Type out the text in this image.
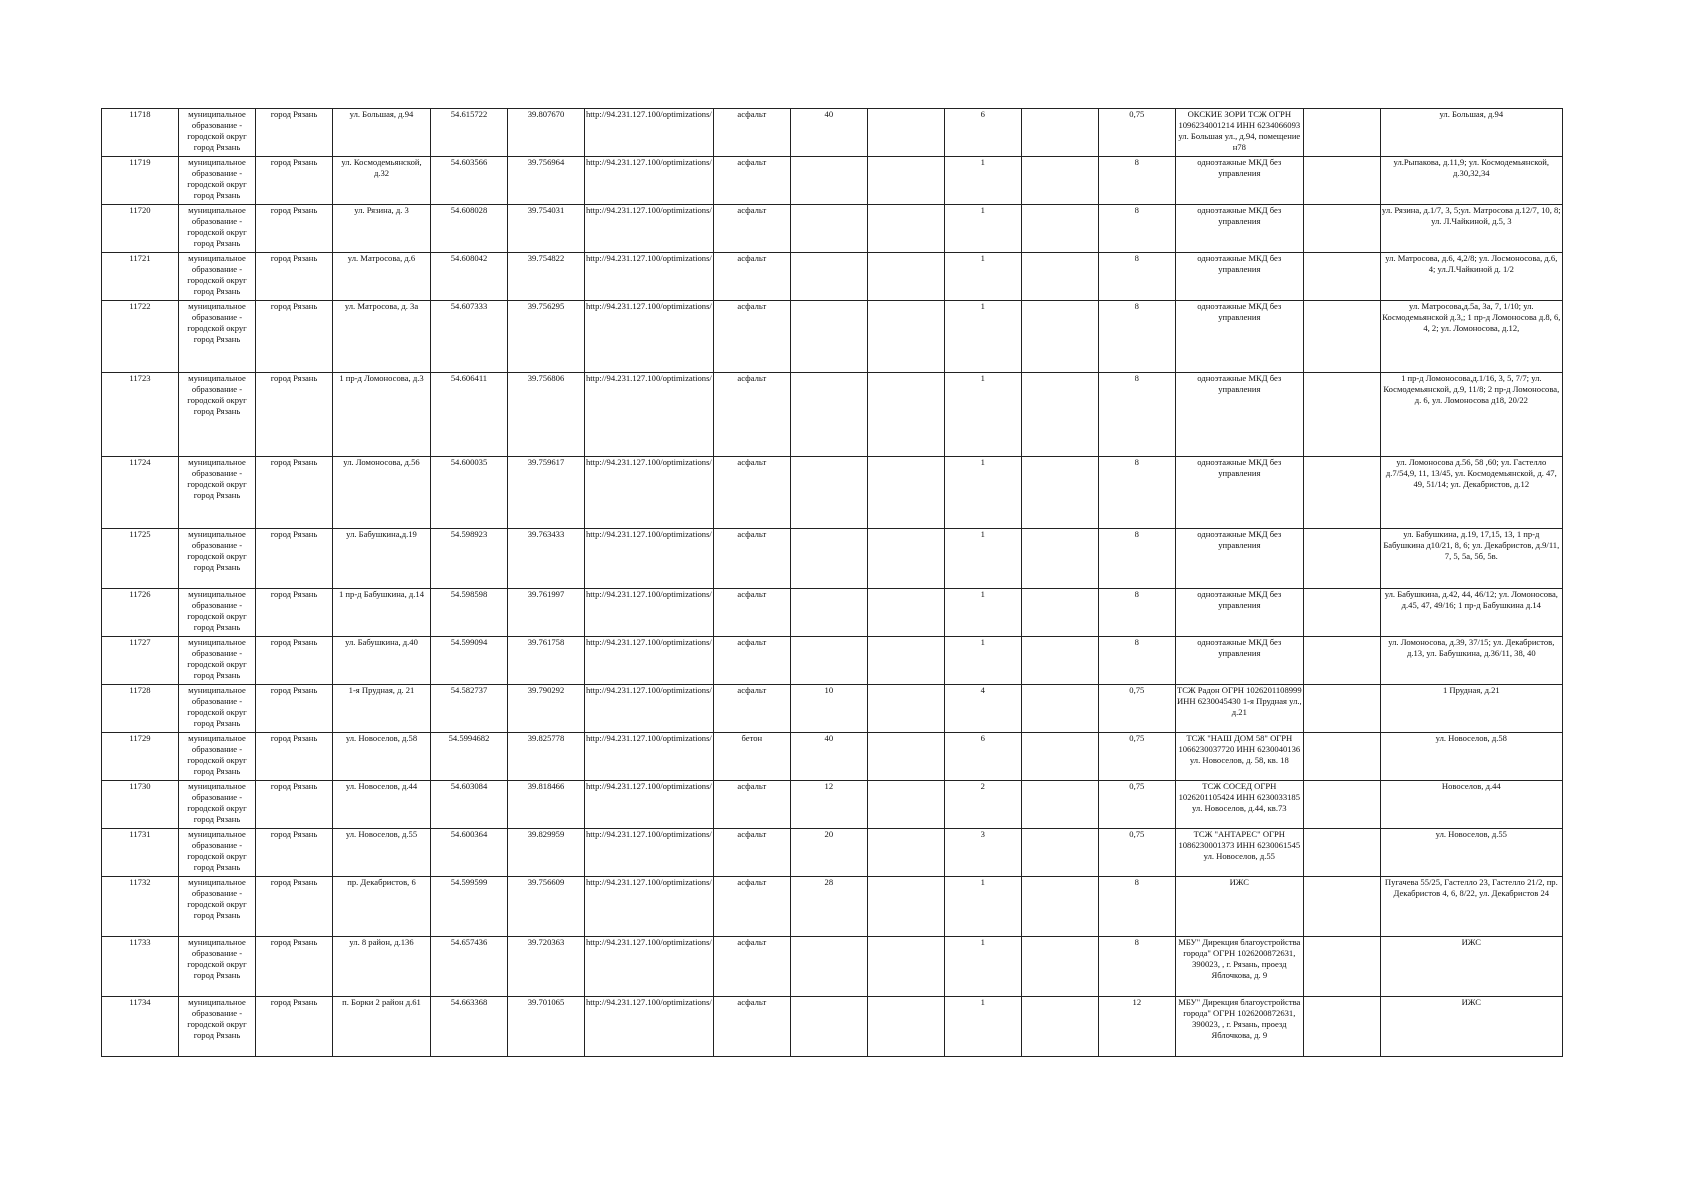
11718	муниципальное образование - городской округ город Рязань	город Рязань	ул. Большая, д.94	54.615722	39.807670	http://94.231.127.100/optimizations/	асфальт	40		6		0,75	ОКСКИЕ ЗОРИ ТСЖ ОГРН 1096234001214 ИНН 6234066093 ул. Большая ул., д.94, помещение н78		ул. Большая, д.94
11719	муниципальное образование - городской округ город Рязань	город Рязань	ул. Космодемьянской, д.32	54.603566	39.756964	http://94.231.127.100/optimizations/	асфальт			1		8	одноэтажные МКД без управления		ул.Рыпакова, д.11,9; ул. Космодемьянской, д.30,32,34
11720	муниципальное образование - городской округ город Рязань	город Рязань	ул. Рязина, д. 3	54.608028	39.754031	http://94.231.127.100/optimizations/	асфальт			1		8	одноэтажные МКД без управления		ул. Рязина, д.1/7, 3, 5;ул. Матросова д.12/7, 10, 8; ул. Л.Чайкиной, д.5, 3
11721	муниципальное образование - городской округ город Рязань	город Рязань	ул. Матросова, д.6	54.608042	39.754822	http://94.231.127.100/optimizations/	асфальт			1		8	одноэтажные МКД без управления		ул. Матросова, д.6, 4,2/8; ул. Лосмоносова, д.6, 4; ул.Л.Чайкиной д. 1/2
11722	муниципальное образование - городской округ город Рязань	город Рязань	ул. Матросова, д. 3а	54.607333	39.756295	http://94.231.127.100/optimizations/	асфальт			1		8	одноэтажные МКД без управления		ул. Матросова,д.5а, 3а, 7, 1/10; ул. Космодемьянской д.3,; 1 пр-д Ломоносова д.8, 6, 4, 2; ул. Ломоносова, д.12,
11723	муниципальное образование - городской округ город Рязань	город Рязань	1 пр-д Ломоносова, д.3	54.606411	39.756806	http://94.231.127.100/optimizations/	асфальт			1		8	одноэтажные МКД без управления		1 пр-д Ломоносова,д.1/16, 3, 5, 7/7; ул. Космодемьянской, д.9, 11/8; 2 пр-д Ломоносова, д. 6, ул. Ломоносова д18, 20/22
11724	муниципальное образование - городской округ город Рязань	город Рязань	ул. Ломоносова, д.56	54.600035	39.759617	http://94.231.127.100/optimizations/	асфальт			1		8	одноэтажные МКД без управления		ул. Ломоносова д.56, 58 ,60; ул. Гастелло д.7/54,9, 11, 13/45, ул. Космодемьянской, д. 47, 49, 51/14; ул. Декабристов, д.12
11725	муниципальное образование - городской округ город Рязань	город Рязань	ул. Бабушкина,д.19	54.598923	39.763433	http://94.231.127.100/optimizations/	асфальт			1		8	одноэтажные МКД без управления		ул. Бабушкина, д.19, 17,15, 13, 1 пр-д Бабушкина д10/21, 8, 6; ул. Декабристов, д.9/11, 7, 5, 5а, 5б, 5в.
11726	муниципальное образование - городской округ город Рязань	город Рязань	1 пр-д Бабушкина, д.14	54.598598	39.761997	http://94.231.127.100/optimizations/	асфальт			1		8	одноэтажные МКД без управления		ул. Бабушкина, д.42, 44, 46/12; ул. Ломоносова, д.45, 47, 49/16; 1 пр-д Бабушкина д.14
11727	муниципальное образование - городской округ город Рязань	город Рязань	ул. Бабушкина, д.40	54.599094	39.761758	http://94.231.127.100/optimizations/	асфальт			1		8	одноэтажные МКД без управления		ул. Ломоносова, д.39, 37/15; ул. Декабристов, д.13, ул. Бабушкина, д.36/11, 38, 40
11728	муниципальное образование - городской округ город Рязань	город Рязань	1-я Прудная, д. 21	54.582737	39.790292	http://94.231.127.100/optimizations/	асфальт	10		4		0,75	ТСЖ Радон ОГРН 1026201108999 ИНН 6230045430 1-я Прудная ул., д.21		1 Прудная, д.21
11729	муниципальное образование - городской округ город Рязань	город Рязань	ул. Новоселов, д.58	54.5994682	39.825778	http://94.231.127.100/optimizations/	бетон	40		6		0,75	ТСЖ "НАШ ДОМ 58" ОГРН 1066230037720 ИНН 6230040136 ул. Новоселов, д. 58, кв. 18		ул. Новоселов, д.58
11730	муниципальное образование - городской округ город Рязань	город Рязань	ул. Новоселов, д.44	54.603084	39.818466	http://94.231.127.100/optimizations/	асфальт	12		2		0,75	ТСЖ СОСЕД ОГРН 1026201105424 ИНН 6230033185 ул. Новоселов, д.44, кв.73		Новоселов, д.44
11731	муниципальное образование - городской округ город Рязань	город Рязань	ул. Новоселов, д.55	54.600364	39.829959	http://94.231.127.100/optimizations/	асфальт	20		3		0,75	ТСЖ "АНТАРЕС" ОГРН 1086230001373 ИНН 6230061545 ул. Новоселов, д.55		ул. Новоселов, д.55
11732	муниципальное образование - городской округ город Рязань	город Рязань	пр. Декабристов, 6	54.599599	39.756609	http://94.231.127.100/optimizations/	асфальт	28		1		8	ИЖС		Пугачева 55/25, Гастелло 23, Гастелло 21/2, пр. Декабристов 4, 6, 8/22, ул. Декабристов 24
11733	муниципальное образование - городской округ город Рязань	город Рязань	ул. 8 район, д.136	54.657436	39.720363	http://94.231.127.100/optimizations/	асфальт			1		8	МБУ" Дирекция благоустройства города" ОГРН 1026200872631, 390023, , г. Рязань, проезд Яблочкова, д. 9		ИЖС
11734	муниципальное образование - городской округ город Рязань	город Рязань	п. Борки 2 район д.61	54.663368	39.701065	http://94.231.127.100/optimizations/	асфальт			1		12	МБУ" Дирекция благоустройства города" ОГРН 1026200872631, 390023, , г. Рязань, проезд Яблочкова, д. 9		ИЖС
